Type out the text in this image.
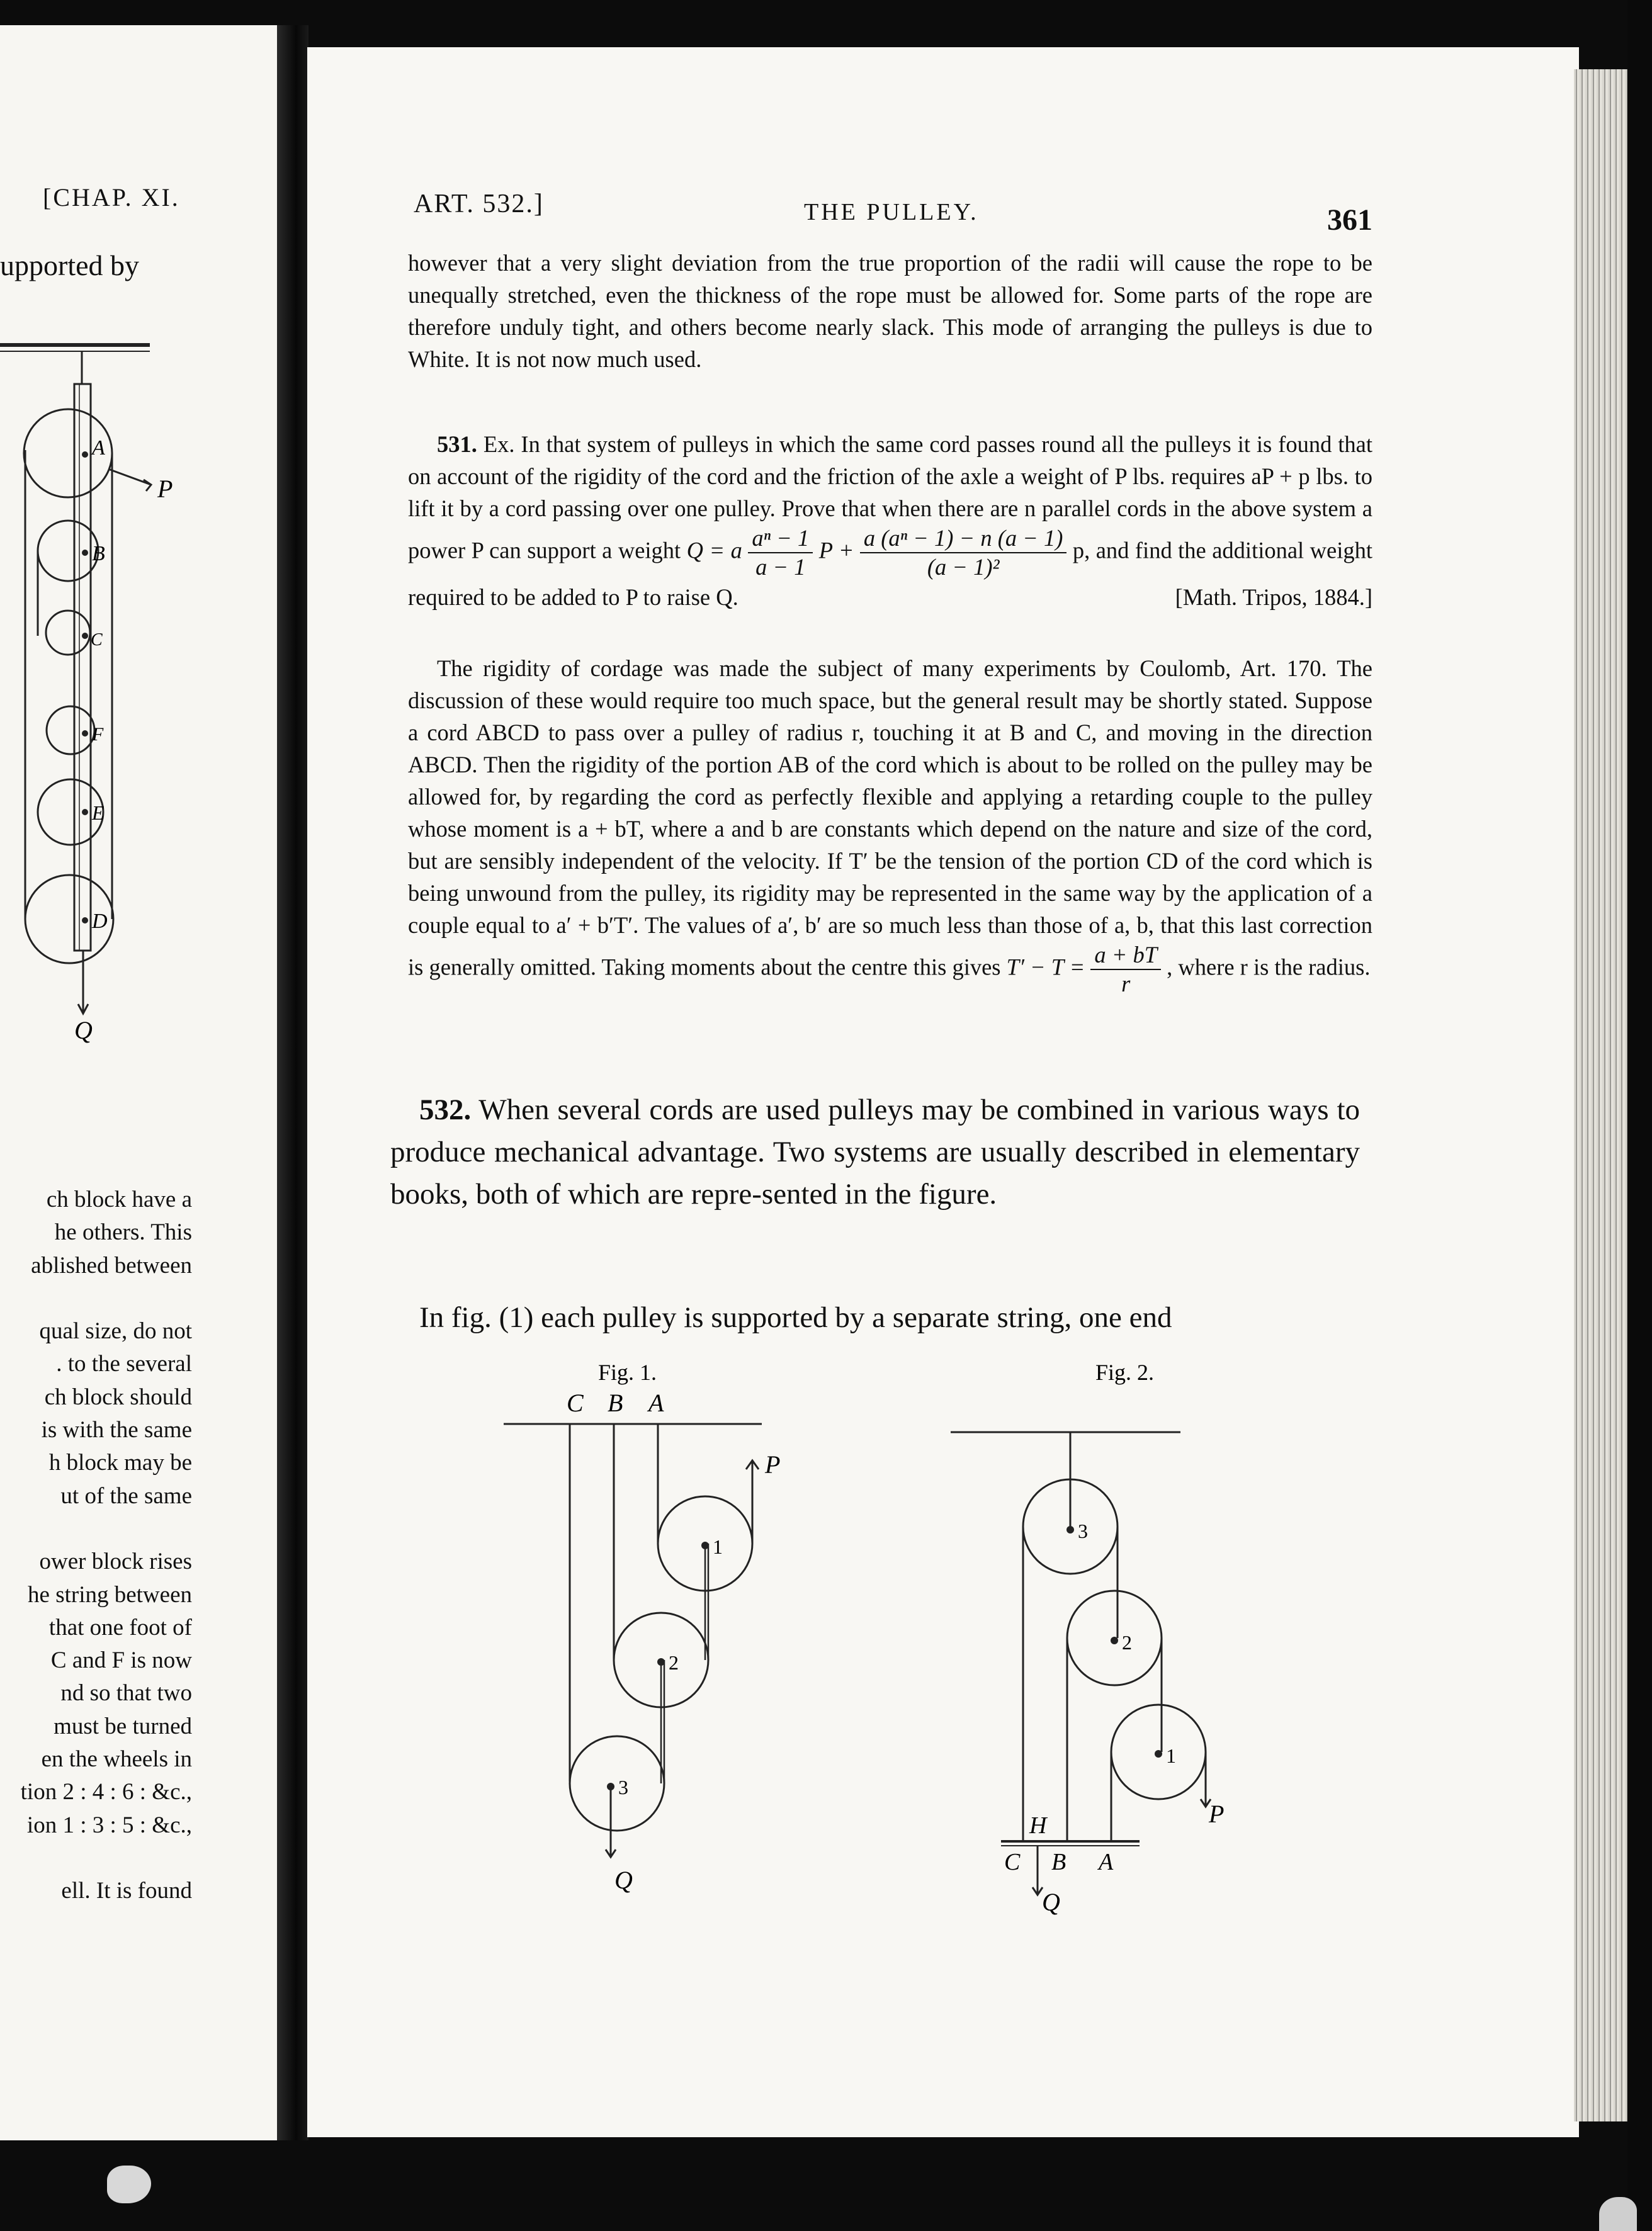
[CHAP. XI.
upported by
A
B
C
F
E
D
P
Q
ch block have a
he others. This
ablished between

qual size, do not
. to the several
ch block should
is with the same
h block may be
ut of the same

ower block rises
he string between
that one foot of
C and F is now
nd so that two
must be turned
en the wheels in
tion 2 : 4 : 6 : &c.,
ion 1 : 3 : 5 : &c.,

ell. It is found
ART. 532.]	THE PULLEY.	361
however that a very slight deviation from the true proportion of the radii will cause the rope to be unequally stretched, even the thickness of the rope must be allowed for. Some parts of the rope are therefore unduly tight, and others become nearly slack. This mode of arranging the pulleys is due to White. It is not now much used.
531. Ex. In that system of pulleys in which the same cord passes round all the pulleys it is found that on account of the rigidity of the cord and the friction of the axle a weight of P lbs. requires aP + p lbs. to lift it by a cord passing over one pulley. Prove that when there are n parallel cords in the above system a power P can support a weight Q = a $\frac{\text{aⁿ − 1}}{a - 1}$ $P + \frac{\text{a (aⁿ − 1) − n (a − 1)}}{\text{(a − 1)²}} p$, and find the additional weight required to be added to P to raise Q.	[Math. Tripos, 1884.]
The rigidity of cordage was made the subject of many experiments by Coulomb, Art. 170. The discussion of these would require too much space, but the general result may be shortly stated. Suppose a cord ABCD to pass over a pulley of radius r, touching it at B and C, and moving in the direction ABCD. Then the rigidity of the portion AB of the cord which is about to be rolled on the pulley may be allowed for, by regarding the cord as perfectly flexible and applying a retarding couple to the pulley whose moment is a + bT, where a and b are constants which depend on the nature and size of the cord, but are sensibly independent of the velocity. If T′ be the tension of the portion CD of the cord which is being unwound from the pulley, its rigidity may be represented in the same way by the application of a couple equal to a′ + b′T′. The values of a′, b′ are so much less than those of a, b, that this last correction is generally omitted. Taking moments about the centre this gives $T' - T = \frac{a + bT}{r}$ , where r is the radius.
532. When several cords are used pulleys may be combined in various ways to produce mechanical advantage. Two systems are usually described in elementary books, both of which are repre-sented in the figure.
In fig. (1) each pulley is supported by a separate string, one end
Fig. 1.
C B A
1
2
3
P
Q
Fig. 2.
3
2
1
P
H
C B A
Q
